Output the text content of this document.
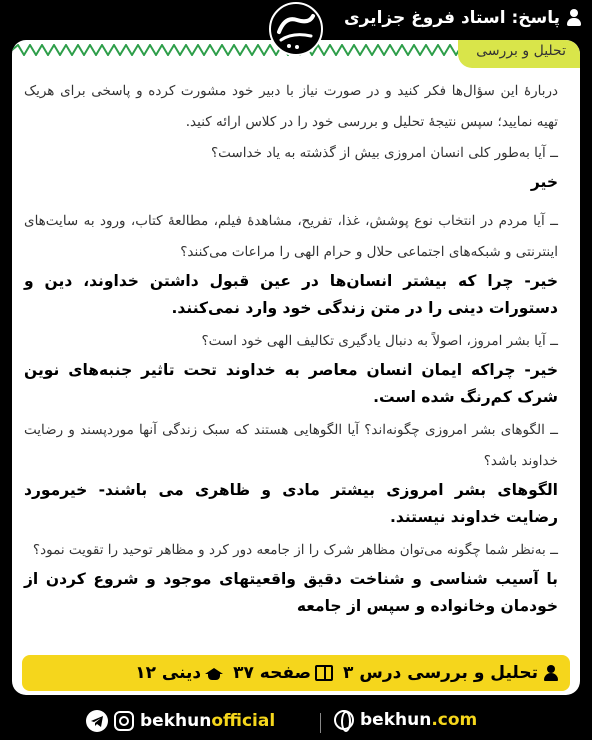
پاسخ: استاد فروغ جزایری
تحلیل و بررسی

دربارهٔ این سؤال‌ها فکر کنید و در صورت نیاز با دبیر خود مشورت کرده و پاسخی برای هریک تهیه نمایید؛ سپس نتیجهٔ تحلیل و بررسی خود را در کلاس ارائه کنید.

ــ آیا به‌طور کلی انسان امروزی بیش از گذشته به یاد خداست؟

خیر

ــ آیا مردم در انتخاب نوع پوشش، غذا، تفریح، مشاهدهٔ فیلم، مطالعهٔ کتاب، ورود به سایت‌های اینترنتی و شبکه‌های اجتماعی حلال و حرام الهی را مراعات می‌کنند؟

خیر- چرا که بیشتر انسان‌ها در عین قبول داشتن خداوند، دین و دستورات دینی را در متن زندگی خود وارد نمی‌کنند.

ــ آیا بشر امروز، اصولاً به دنبال یادگیری تکالیف الهی خود است؟

خیر- چراکه ایمان انسان معاصر به خداوند تحت تاثیر جنبه‌های نوین شرک کم‌رنگ شده است.

ــ الگوهای بشر امروزی چگونه‌اند؟ آیا الگوهایی هستند که سبک زندگی آنها موردپسند و رضایت خداوند باشد؟

الگوهای بشر امروزی بیشتر مادی و ظاهری می باشند- خیرمورد رضایت خداوند نیستند.

ــ به‌نظر شما چگونه می‌توان مظاهر شرک را از جامعه دور کرد و مظاهر توحید را تقویت نمود؟

با آسیب شناسی و شناخت دقیق واقعیتهای موجود و شروع کردن از خودمان وخانواده و سپس از جامعه

تحلیل و بررسی درس ۳
صفحه ۳۷
دینی ۱۲
bekhunofficial	bekhun.com
